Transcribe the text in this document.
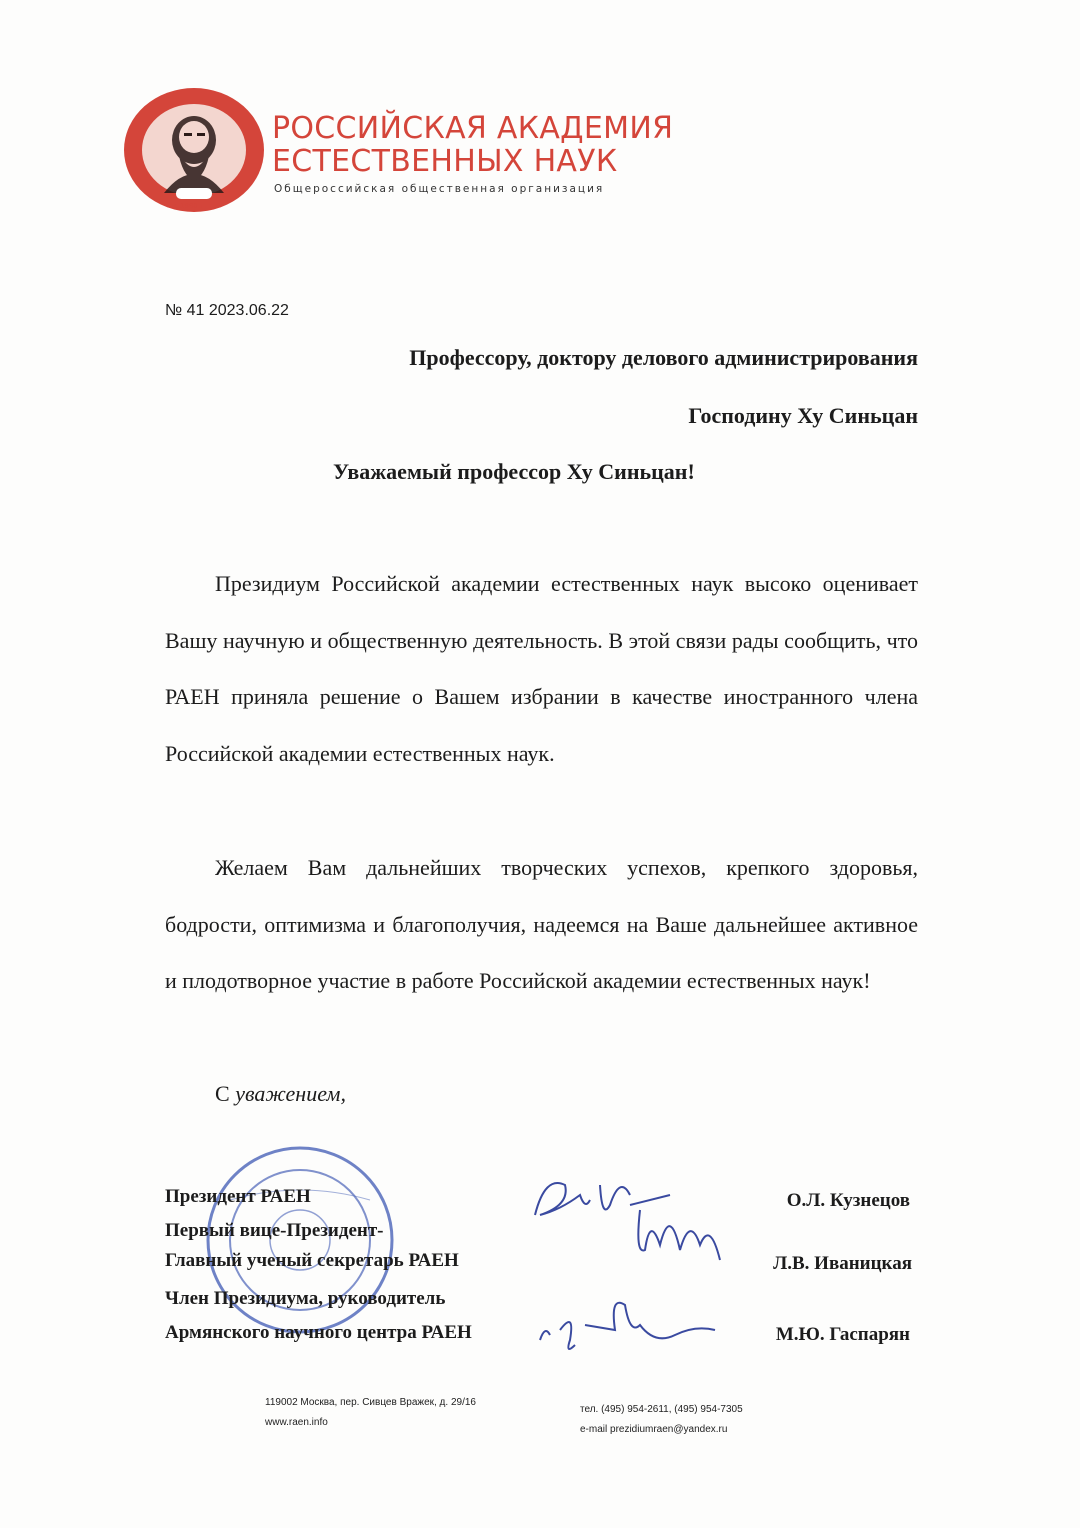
с 1990 г.
РОССИЙСКАЯ АКАДЕМИЯ
ЕСТЕСТВЕННЫХ НАУК
Общероссийская общественная организация
№ 41 2023.06.22
Профессору, доктору делового администрирования
Господину Ху Синьцан
Уважаемый профессор Ху Синьцан!
Президиум Российской академии естественных наук высоко оценивает Вашу научную и общественную деятельность. В этой связи рады сообщить, что РАЕН приняла решение о Вашем избрании в качестве иностранного члена Российской академии естественных наук.
Желаем Вам дальнейших творческих успехов, крепкого здоровья, бодрости, оптимизма и благополучия, надеемся на Ваше дальнейшее активное и плодотворное участие в работе Российской академии естественных наук!
С уважением,
Президент РАЕН
Первый вице-Президент-
Главный ученый секретарь РАЕН
Член Президиума, руководитель
Армянского научного центра РАЕН
О.Л. Кузнецов
Л.В. Иваницкая
М.Ю. Гаспарян
119002 Москва, пер. Сивцев Вражек, д. 29/16
www.raen.info
тел. (495) 954-2611, (495) 954-7305
e-mail prezidiumraen@yandex.ru
